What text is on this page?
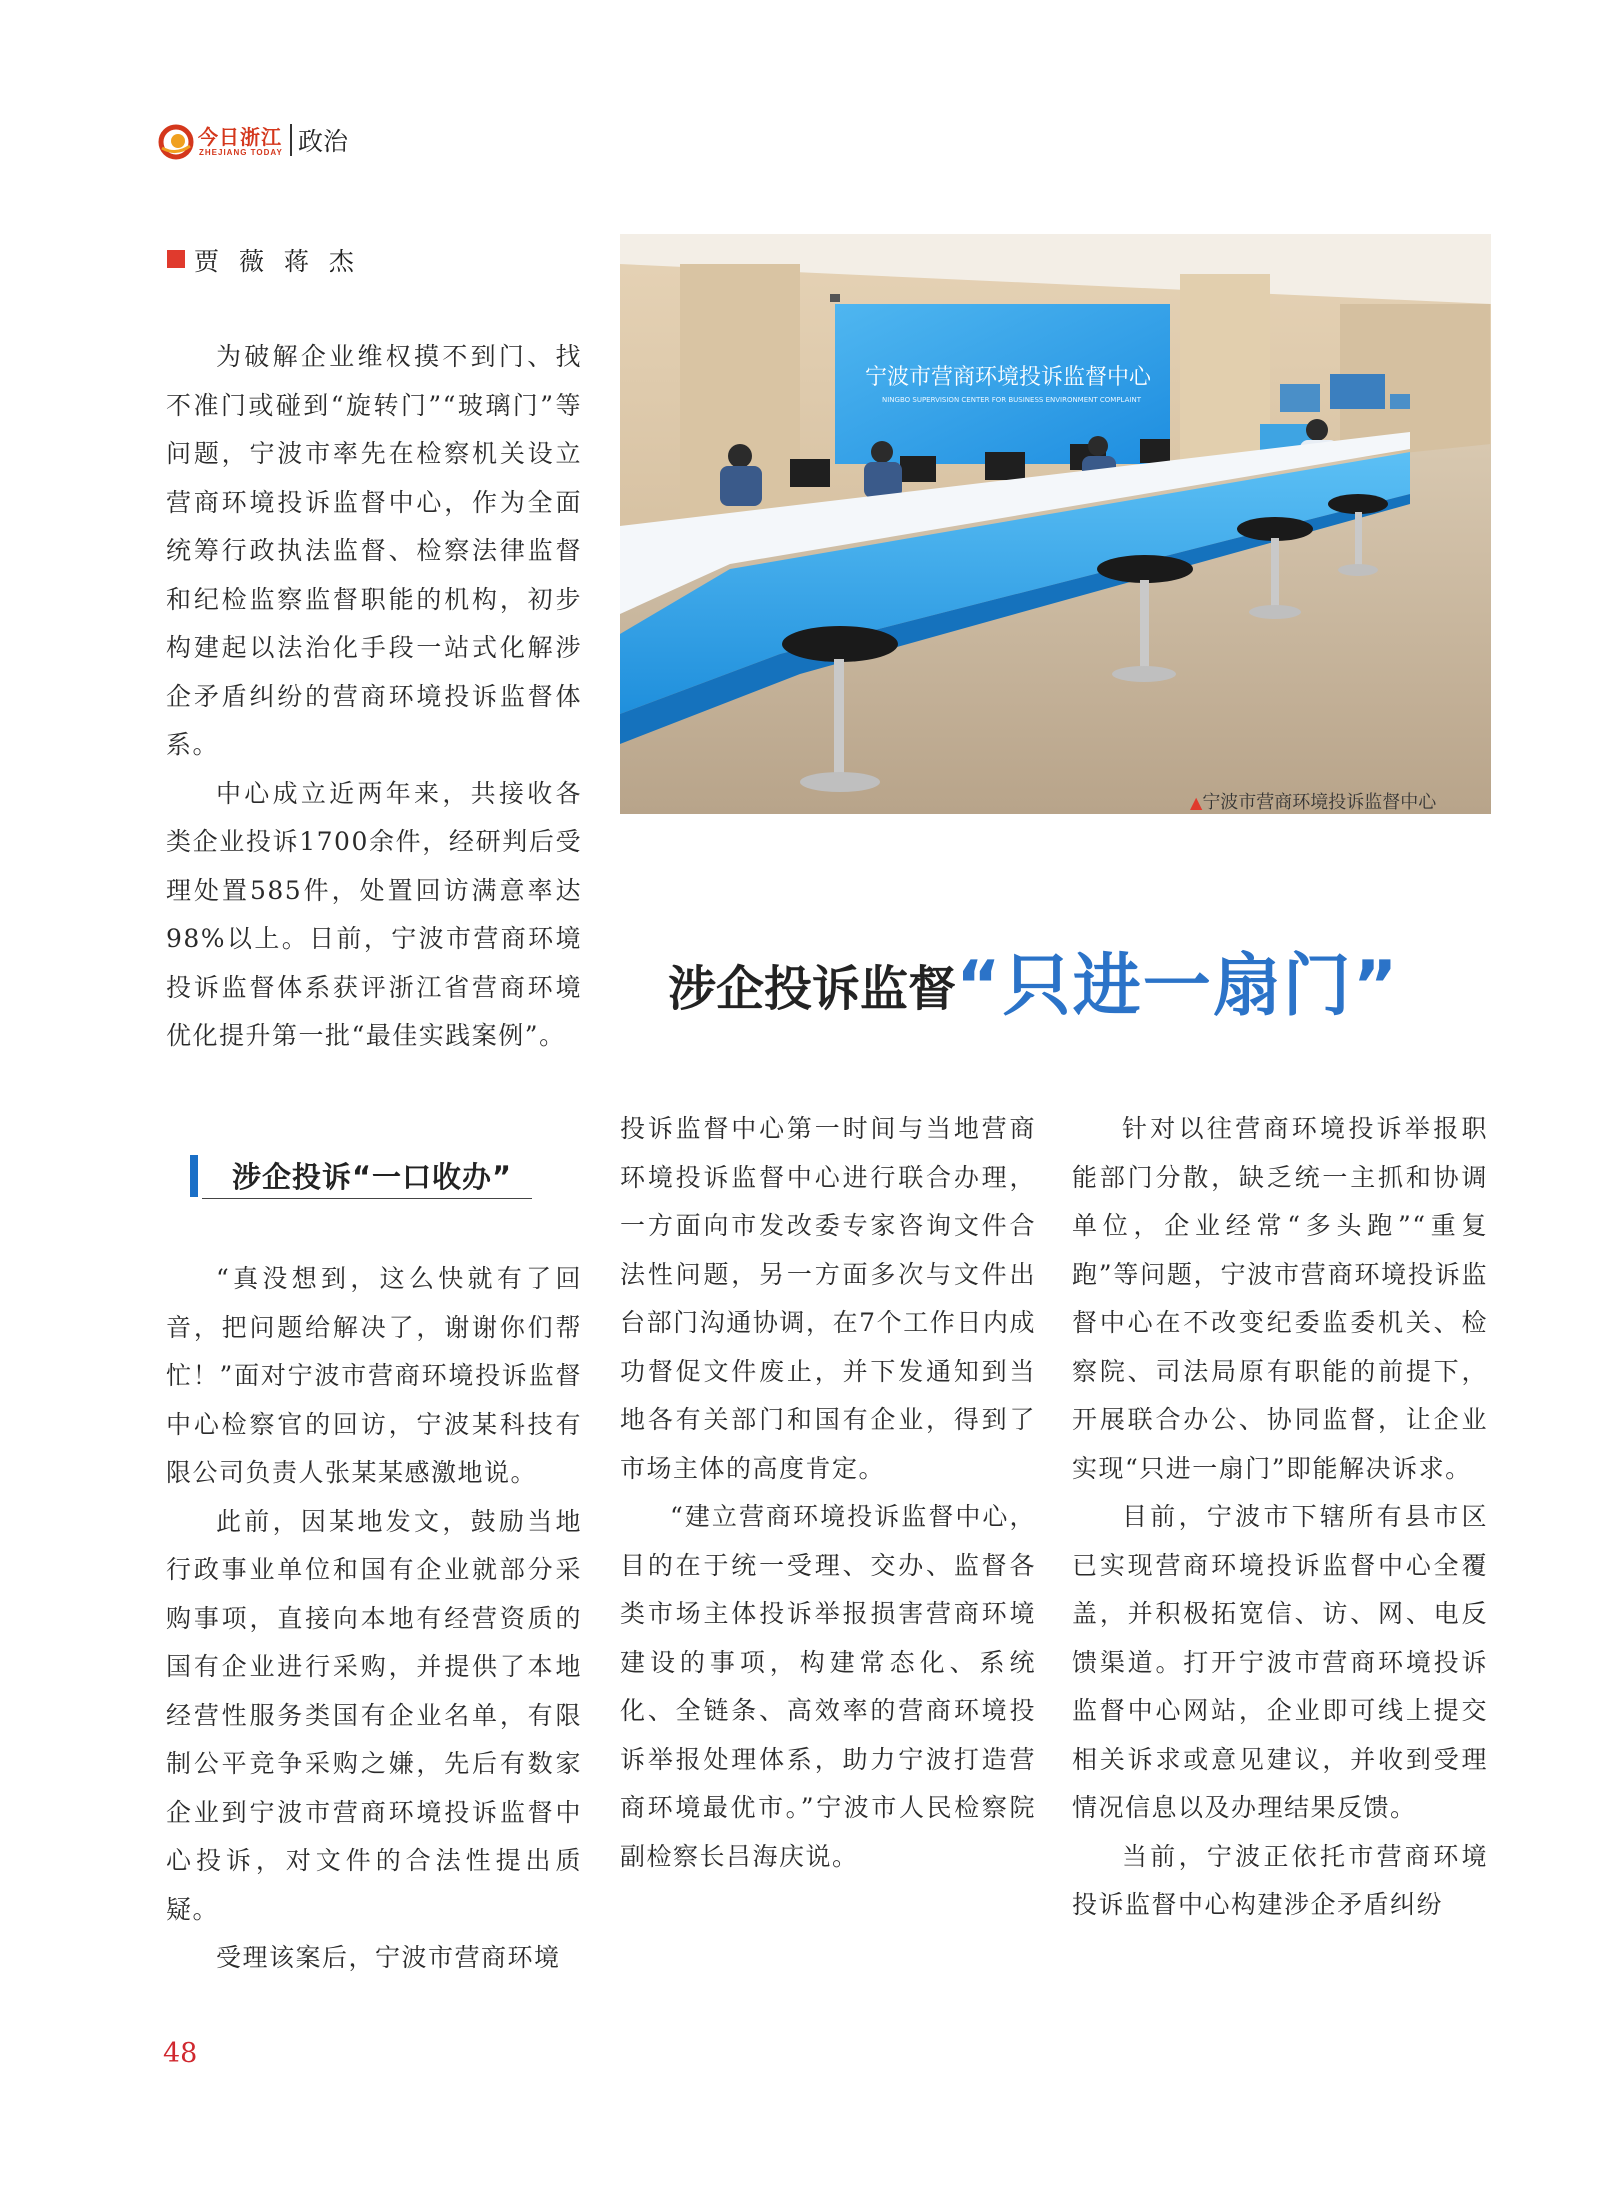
今日浙江
ZHEJIANG TODAY 政治
贾 薇 蒋 杰

为破解企业维权摸不到门、找不准门或碰到“旋转门”“玻璃门”等问题，宁波市率先在检察机关设立营商环境投诉监督中心，作为全面统筹行政执法监督、检察法律监督和纪检监察监督职能的机构，初步构建起以法治化手段一站式化解涉企矛盾纠纷的营商环境投诉监督体系。

中心成立近两年来，共接收各类企业投诉1700余件，经研判后受理处置585件，处置回访满意率达98%以上。日前，宁波市营商环境投诉监督体系获评浙江省营商环境优化提升第一批“最佳实践案例”。

涉企投诉“一口收办”

“真没想到，这么快就有了回音，把问题给解决了，谢谢你们帮忙！”面对宁波市营商环境投诉监督中心检察官的回访，宁波某科技有限公司负责人张某某感激地说。

此前，因某地发文，鼓励当地行政事业单位和国有企业就部分采购事项，直接向本地有经营资质的国有企业进行采购，并提供了本地经营性服务类国有企业名单，有限制公平竞争采购之嫌，先后有数家企业到宁波市营商环境投诉监督中心投诉，对文件的合法性提出质疑。

受理该案后，宁波市营商环境

宁波市营商环境投诉监督中心
NINGBO SUPERVISION CENTER FOR BUSINESS ENVIRONMENT COMPLAINT
▲宁波市营商环境投诉监督中心
涉企投诉监督“只进一扇门”

投诉监督中心第一时间与当地营商环境投诉监督中心进行联合办理，一方面向市发改委专家咨询文件合法性问题，另一方面多次与文件出台部门沟通协调，在7个工作日内成功督促文件废止，并下发通知到当地各有关部门和国有企业，得到了市场主体的高度肯定。

“建立营商环境投诉监督中心，目的在于统一受理、交办、监督各类市场主体投诉举报损害营商环境建设的事项，构建常态化、系统化、全链条、高效率的营商环境投诉举报处理体系，助力宁波打造营商环境最优市。”宁波市人民检察院副检察长吕海庆说。

针对以往营商环境投诉举报职能部门分散，缺乏统一主抓和协调单位，企业经常“多头跑”“重复跑”等问题，宁波市营商环境投诉监督中心在不改变纪委监委机关、检察院、司法局原有职能的前提下，开展联合办公、协同监督，让企业实现“只进一扇门”即能解决诉求。

目前，宁波市下辖所有县市区已实现营商环境投诉监督中心全覆盖，并积极拓宽信、访、网、电反馈渠道。打开宁波市营商环境投诉监督中心网站，企业即可线上提交相关诉求或意见建议，并收到受理情况信息以及办理结果反馈。

当前，宁波正依托市营商环境投诉监督中心构建涉企矛盾纠纷

48
